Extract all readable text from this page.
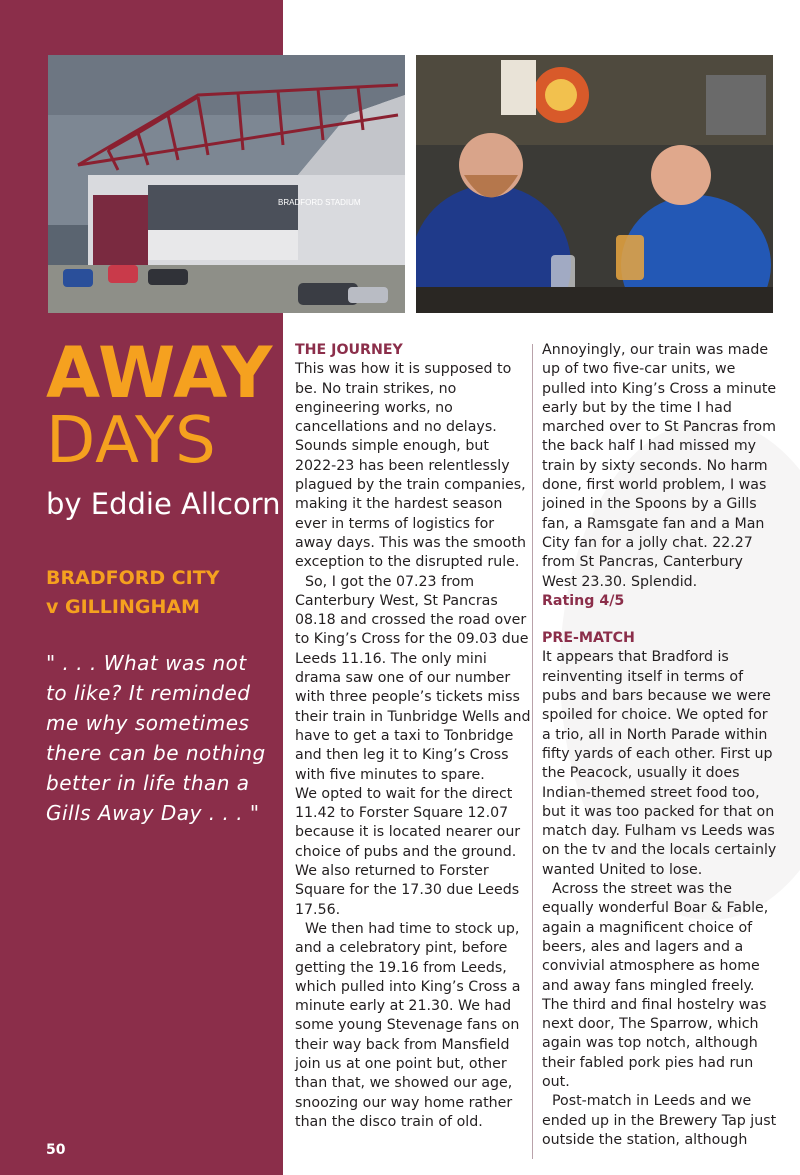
BRADFORD STADIUM
AWAY
DAYS
by Eddie Allcorn
BRADFORD CITY
v GILLINGHAM
" . . . What was not to like? It reminded me why sometimes there can be nothing better in life than a Gills Away Day . . . "
50
THE JOURNEY

This was how it is supposed to be. No train strikes, no engineering works, no cancellations and no delays. Sounds simple enough, but 2022-23 has been relentlessly plagued by the train companies, making it the hardest season ever in terms of logistics for away days. This was the smooth exception to the disrupted rule.

So, I got the 07.23 from Canterbury West, St Pancras 08.18 and crossed the road over to King’s Cross for the 09.03 due Leeds 11.16. The only mini drama saw one of our number with three people’s tickets miss their train in Tunbridge Wells and have to get a taxi to Tonbridge and then leg it to King’s Cross with five minutes to spare.

We opted to wait for the direct 11.42 to Forster Square 12.07 because it is located nearer our choice of pubs and the ground. We also returned to Forster Square for the 17.30 due Leeds 17.56.

We then had time to stock up, and a celebratory pint, before getting the 19.16 from Leeds, which pulled into King’s Cross a minute early at 21.30. We had some young Stevenage fans on their way back from Mansfield join us at one point but, other than that, we showed our age, snoozing our way home rather than the disco train of old.

Annoyingly, our train was made up of two five-car units, we pulled into King’s Cross a minute early but by the time I had marched over to St Pancras from the back half I had missed my train by sixty seconds. No harm done, first world problem, I was joined in the Spoons by a Gills fan, a Ramsgate fan and a Man City fan for a jolly chat. 22.27 from St Pancras, Canterbury West 23.30. Splendid.

Rating 4/5

PRE-MATCH

It appears that Bradford is reinventing itself in terms of pubs and bars because we were spoiled for choice. We opted for a trio, all in North Parade within fifty yards of each other. First up the Peacock, usually it does Indian-themed street food too, but it was too packed for that on match day. Fulham vs Leeds was on the tv and the locals certainly wanted United to lose.

Across the street was the equally wonderful Boar & Fable, again a magnificent choice of beers, ales and lagers and a convivial atmosphere as home and away fans mingled freely. The third and final hostelry was next door, The Sparrow, which again was top notch, although their fabled pork pies had run out.

Post-match in Leeds and we ended up in the Brewery Tap just outside the station, although
